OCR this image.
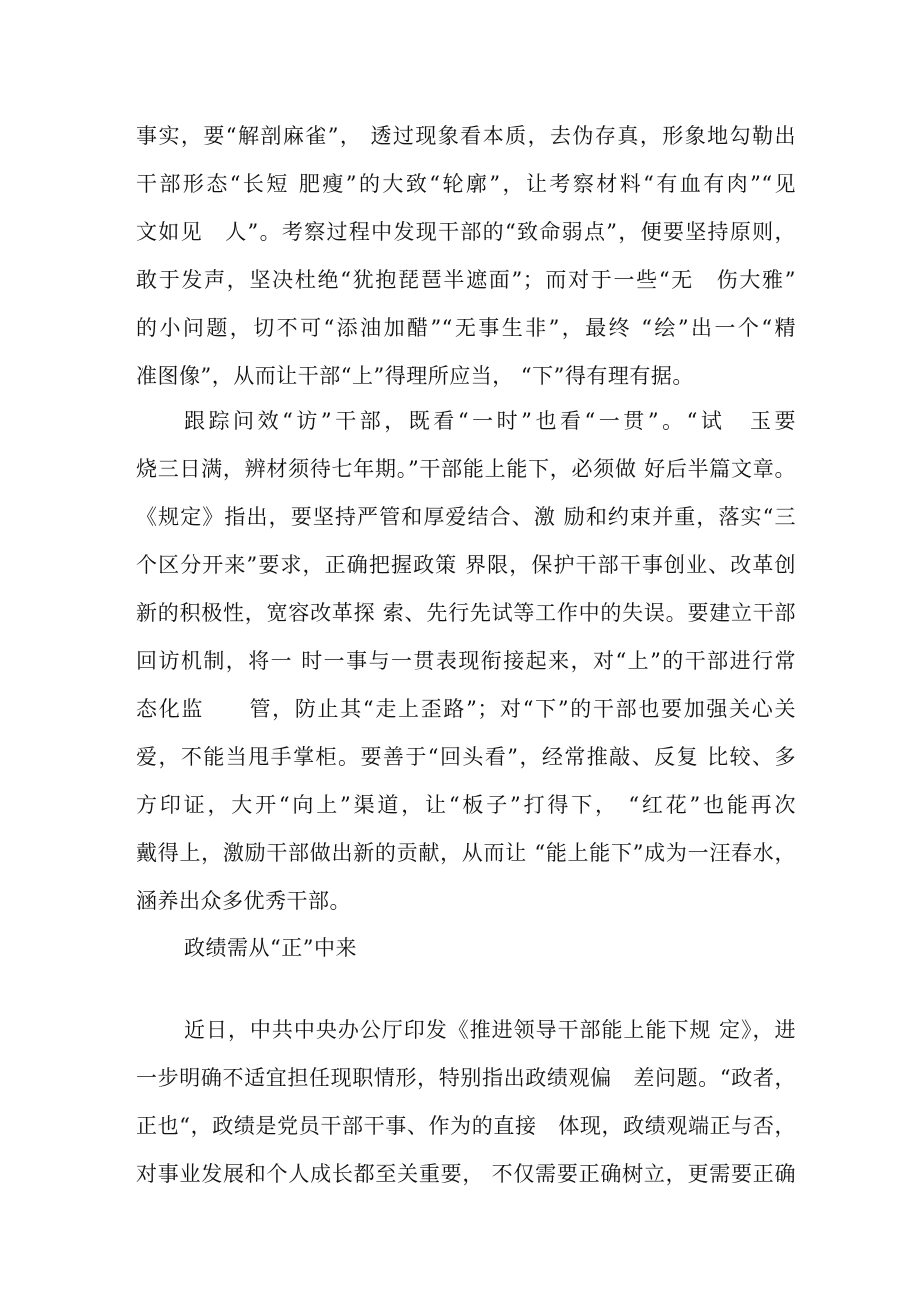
事实，要“解剖麻雀”， 透过现象看本质，去伪存真，形象地勾勒出
干部形态“长短 肥瘦”的大致“轮廓”，让考察材料“有血有肉”“见
文如见　人”。考察过程中发现干部的“致命弱点”，便要坚持原则，
敢于发声，坚决杜绝“犹抱琵琶半遮面”；而对于一些“无　伤大雅”
的小问题，切不可“添油加醋”“无事生非”，最终 “绘”出一个“精
准图像”，从而让干部“上”得理所应当， “下”得有理有据。
跟踪问效“访”干部，既看“一时”也看“一贯”。“试　玉要
烧三日满，辨材须待七年期。”干部能上能下，必须做 好后半篇文章。
《规定》指出，要坚持严管和厚爱结合、激 励和约束并重，落实“三
个区分开来”要求，正确把握政策 界限，保护干部干事创业、改革创
新的积极性，宽容改革探 索、先行先试等工作中的失误。要建立干部
回访机制，将一 时一事与一贯表现衔接起来，对“上”的干部进行常
态化监　　管，防止其“走上歪路”；对“下”的干部也要加强关心关
爱，不能当甩手掌柜。要善于“回头看”，经常推敲、反复 比较、多
方印证，大开“向上”渠道，让“板子”打得下， “红花”也能再次
戴得上，激励干部做出新的贡献，从而让 “能上能下”成为一汪春水，
涵养出众多优秀干部。
政绩需从“正”中来
近日，中共中央办公厅印发《推进领导干部能上能下规 定》，进
一步明确不适宜担任现职情形，特别指出政绩观偏　差问题。“政者，
正也“，政绩是党员干部干事、作为的直接　体现，政绩观端正与否，
对事业发展和个人成长都至关重要， 不仅需要正确树立，更需要正确
